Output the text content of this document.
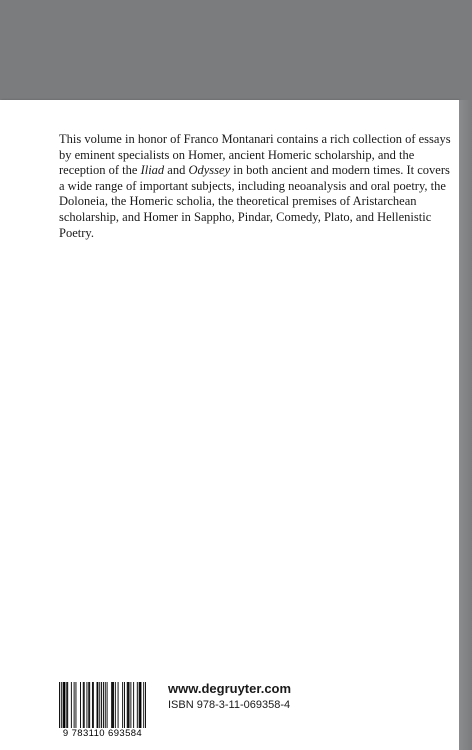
This volume in honor of Franco Montanari contains a rich collection of essays by eminent specialists on Homer, ancient Homeric scholarship, and the reception of the Iliad and Odyssey in both ancient and modern times. It covers a wide range of important subjects, including neoanalysis and oral poetry, the Doloneia, the Homeric scholia, the theoretical premises of Aristarchean scholarship, and Homer in Sappho, Pindar, Comedy, Plato, and Hellenistic Poetry.

9 783110 693584
www.degruyter.com
ISBN 978-3-11-069358-4
